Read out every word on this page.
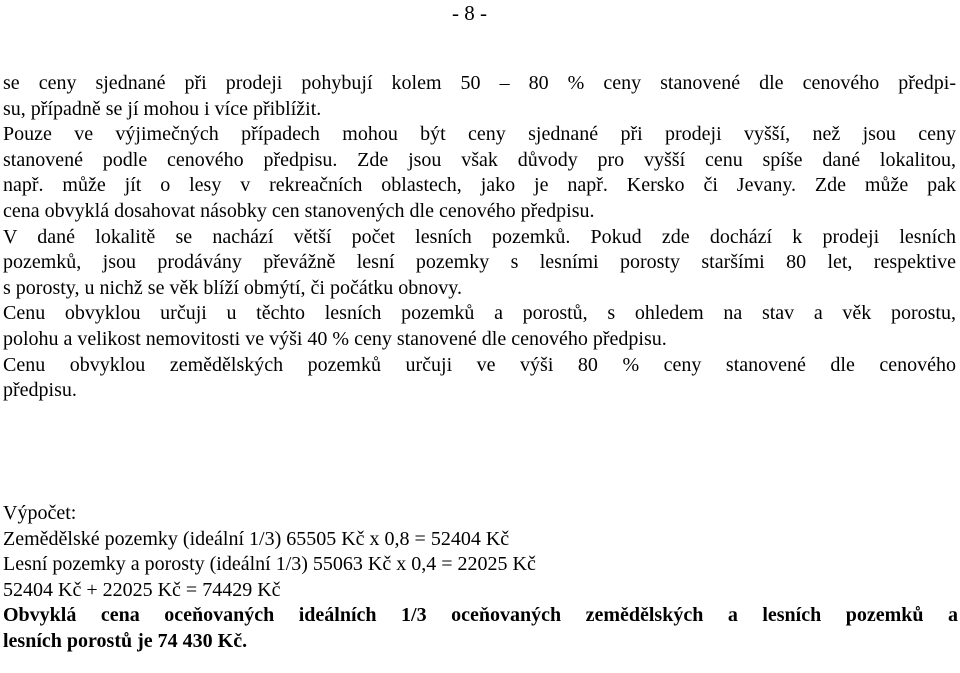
- 8 -
se ceny sjednané při prodeji pohybují kolem 50 – 80 % ceny stanovené dle cenového předpi-
su, případně se jí mohou i více přiblížit.
Pouze ve výjimečných případech mohou být ceny sjednané při prodeji vyšší, než jsou ceny
stanovené podle cenového předpisu. Zde jsou však důvody pro vyšší cenu spíše dané lokalitou,
např. může jít o lesy v rekreačních oblastech, jako je např. Kersko či Jevany. Zde může pak
cena obvyklá dosahovat násobky cen stanovených dle cenového předpisu.
V dané lokalitě se nachází větší počet lesních pozemků. Pokud zde dochází k prodeji lesních
pozemků, jsou prodávány převážně lesní pozemky s lesními porosty staršími 80 let, respektive
s porosty, u nichž se věk blíží obmýtí, či počátku obnovy.
Cenu obvyklou určuji u těchto lesních pozemků a porostů, s ohledem na stav a věk porostu,
polohu a velikost nemovitosti ve výši 40 % ceny stanovené dle cenového předpisu.
Cenu obvyklou zemědělských pozemků určuji ve výši 80 % ceny stanovené dle cenového
předpisu.
Výpočet:
Zemědělské pozemky (ideální 1/3) 65505 Kč x 0,8 = 52404 Kč
Lesní pozemky a porosty (ideální 1/3) 55063 Kč x 0,4 = 22025 Kč
52404 Kč + 22025 Kč = 74429 Kč
Obvyklá cena oceňovaných ideálních 1/3 oceňovaných zemědělských a lesních pozemků a
lesních porostů je 74 430 Kč.
